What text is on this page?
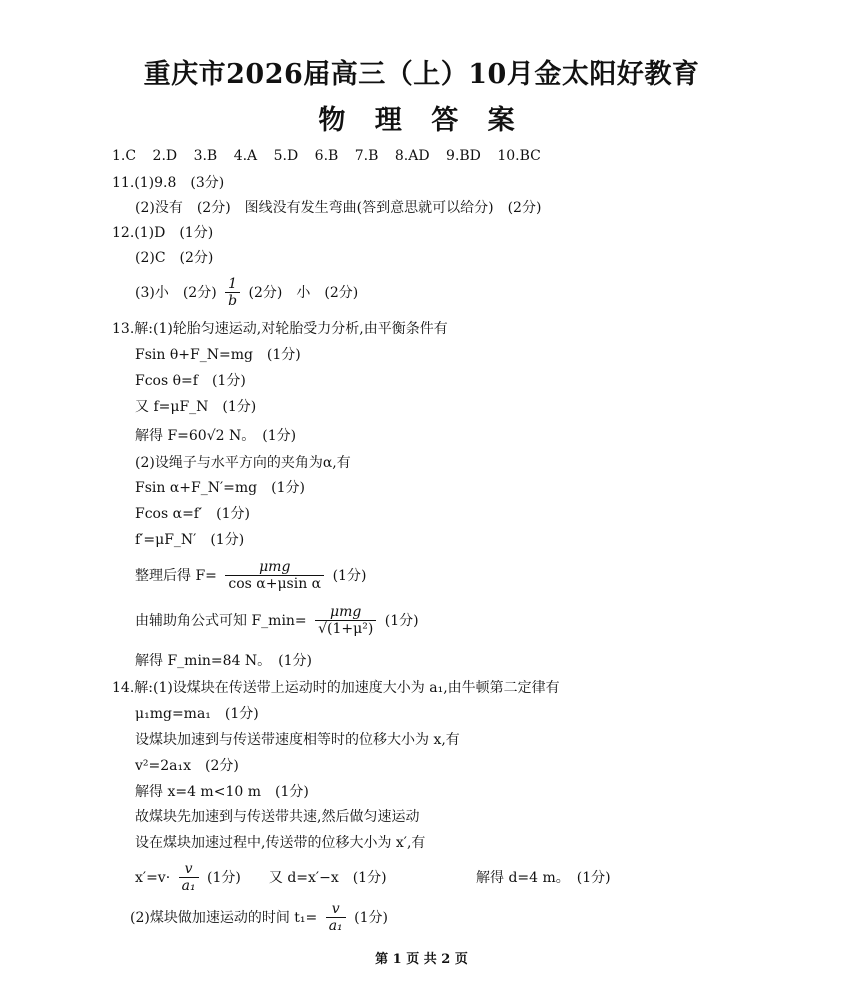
重庆市2026届高三（上）10月金太阳好教育
物 理 答 案
1.C 2.D 3.B 4.A 5.D 6.B 7.B 8.AD 9.BD 10.BC
11.(1)9.8　(3分)
(2)没有　(2分)　图线没有发生弯曲(答到意思就可以给分)　(2分)
12.(1)D　(1分)
(2)C　(2分)
(3)小　(2分) $\frac{1}{b} (2$分)　小　(2分)
13.解:(1)轮胎匀速运动,对轮胎受力分析,由平衡条件有
Fsin θ+F_N=mg　(1分)
Fcos θ=f　(1分)
又 f=μF_N　(1分)
解得 F=60√2 N。　(1分)
(2)设绳子与水平方向的夹角为α,有
Fsin α+F_N′=mg　(1分)
Fcos α=f′　(1分)
f′=μF_N′　(1分)
整理后得 $F= \frac{\text{μmg}}{\text{cos α+μsin α}} (1$分)
由辅助角公式可知 F_min= $\frac{\text{μmg}}{\text{√(1+μ²)}} (1$分)
解得 F_min=84 N。　(1分)
14.解:(1)设煤块在传送带上运动时的加速度大小为 a₁,由牛顿第二定律有
μ₁mg=ma₁　(1分)
设煤块加速到与传送带速度相等时的位移大小为 x,有
v²=2a₁x　(2分)
解得 x=4 m<10 m　(1分)
故煤块先加速到与传送带共速,然后做匀速运动
设在煤块加速过程中,传送带的位移大小为 x′,有
$x'=v\cdot \frac{v}{\text{a₁}} (1$分)　　又 d=x′−x　(1分)	解得 d=4 m。　(1分)
(2)煤块做加速运动的时间 $t_1= \frac{v}{\text{a₁}} (1$分)
第 1 页 共 2 页
